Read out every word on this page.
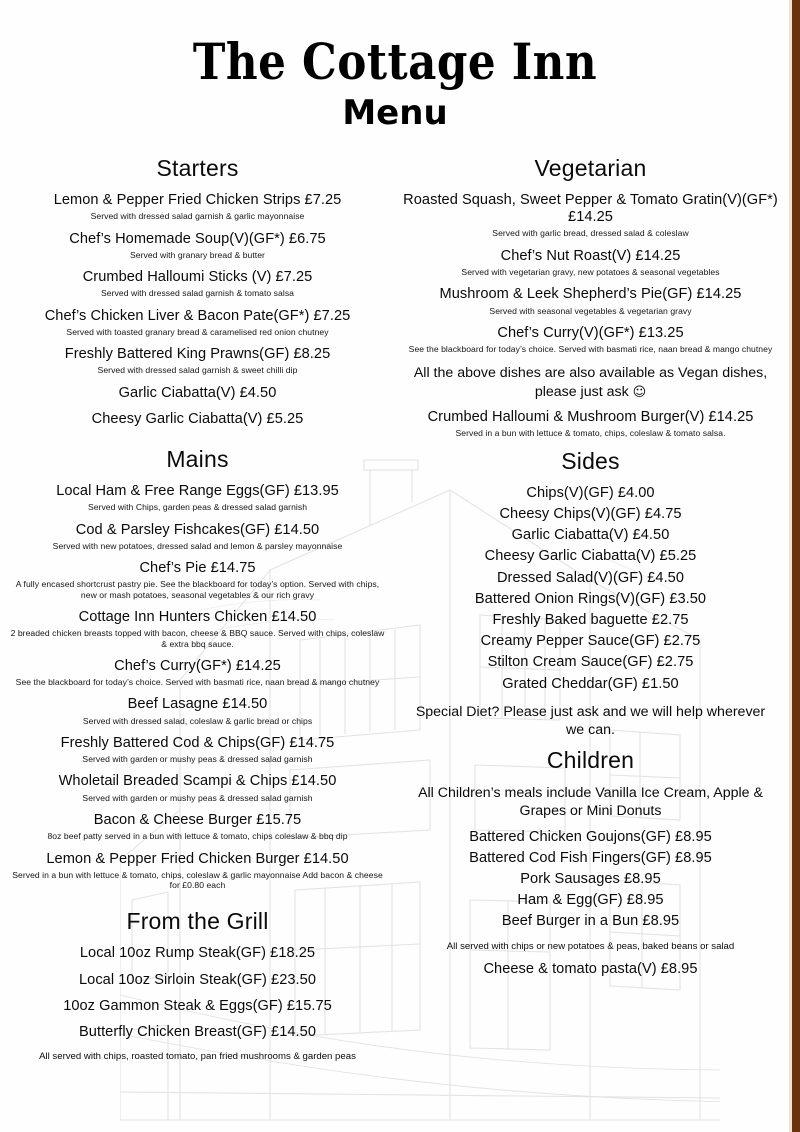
The Cottage Inn
Menu
Starters
Lemon & Pepper Fried Chicken Strips £7.25
Served with dressed salad garnish & garlic mayonnaise
Chef’s Homemade Soup(V)(GF*) £6.75
Served with granary bread & butter
Crumbed Halloumi Sticks (V) £7.25
Served with dressed salad garnish & tomato salsa
Chef’s Chicken Liver & Bacon Pate(GF*) £7.25
Served with toasted granary bread & caramelised red onion chutney
Freshly Battered King Prawns(GF) £8.25
Served with dressed salad garnish & sweet chilli dip
Garlic Ciabatta(V) £4.50
Cheesy Garlic Ciabatta(V) £5.25
Mains
Local Ham & Free Range Eggs(GF) £13.95
Served with Chips, garden peas & dressed salad garnish
Cod & Parsley Fishcakes(GF) £14.50
Served with new potatoes, dressed salad and lemon & parsley mayonnaise
Chef’s Pie £14.75
A fully encased shortcrust pastry pie. See the blackboard for today’s option. Served with chips, new or mash potatoes, seasonal vegetables & our rich gravy
Cottage Inn Hunters Chicken £14.50
2 breaded chicken breasts topped with bacon, cheese & BBQ sauce. Served with chips, coleslaw & extra bbq sauce.
Chef’s Curry(GF*) £14.25
See the blackboard for today’s choice. Served with basmati rice, naan bread & mango chutney
Beef Lasagne £14.50
Served with dressed salad, coleslaw & garlic bread or chips
Freshly Battered Cod & Chips(GF) £14.75
Served with garden or mushy peas & dressed salad garnish
Wholetail Breaded Scampi & Chips £14.50
Served with garden or mushy peas & dressed salad garnish
Bacon & Cheese Burger £15.75
8oz beef patty served in a bun with lettuce & tomato, chips coleslaw & bbq dip
Lemon & Pepper Fried Chicken Burger £14.50
Served in a bun with lettuce & tomato, chips, coleslaw & garlic mayonnaise Add bacon & cheese for £0.80 each
From the Grill
Local 10oz Rump Steak(GF) £18.25
Local 10oz Sirloin Steak(GF) £23.50
10oz Gammon Steak & Eggs(GF) £15.75
Butterfly Chicken Breast(GF) £14.50
All served with chips, roasted tomato, pan fried mushrooms & garden peas
Vegetarian
Roasted Squash, Sweet Pepper & Tomato Gratin(V)(GF*) £14.25
Served with garlic bread, dressed salad & coleslaw
Chef’s Nut Roast(V) £14.25
Served with vegetarian gravy, new potatoes & seasonal vegetables
Mushroom & Leek Shepherd’s Pie(GF) £14.25
Served with seasonal vegetables & vegetarian gravy
Chef’s Curry(V)(GF*) £13.25
See the blackboard for today’s choice. Served with basmati rice, naan bread & mango chutney
All the above dishes are also available as Vegan dishes, please just ask ☺
Crumbed Halloumi & Mushroom Burger(V) £14.25
Served in a bun with lettuce & tomato, chips, coleslaw & tomato salsa.
Sides
Chips(V)(GF) £4.00
Cheesy Chips(V)(GF) £4.75
Garlic Ciabatta(V) £4.50
Cheesy Garlic Ciabatta(V) £5.25
Dressed Salad(V)(GF) £4.50
Battered Onion Rings(V)(GF) £3.50
Freshly Baked baguette £2.75
Creamy Pepper Sauce(GF) £2.75
Stilton Cream Sauce(GF) £2.75
Grated Cheddar(GF) £1.50
Special Diet? Please just ask and we will help wherever we can.
Children
All Children’s meals include Vanilla Ice Cream, Apple & Grapes or Mini Donuts
Battered Chicken Goujons(GF) £8.95
Battered Cod Fish Fingers(GF) £8.95
Pork Sausages £8.95
Ham & Egg(GF) £8.95
Beef Burger in a Bun £8.95
All served with chips or new potatoes & peas, baked beans or salad
Cheese & tomato pasta(V) £8.95
